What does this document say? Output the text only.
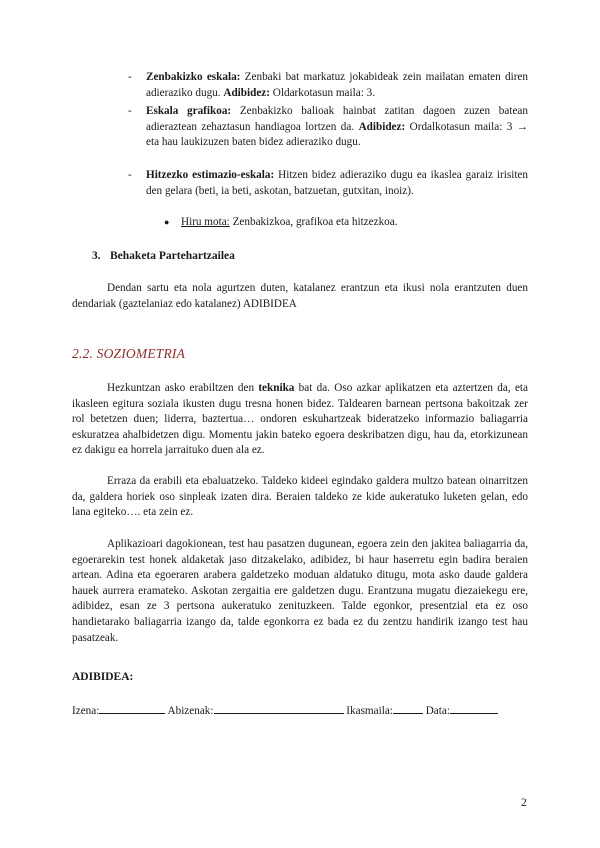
- Zenbakizko eskala: Zenbaki bat markatuz jokabideak zein mailatan ematen diren adieraziko dugu. Adibidez: Oldarkotasun maila: 3.

- Eskala grafikoa: Zenbakizko balioak hainbat zatitan dagoen zuzen batean adieraztean zehaztasun handiagoa lortzen da. Adibidez: Ordalkotasun maila: 3 → eta hau laukizuzen baten bidez adieraziko dugu.

- Hitzezko estimazio-eskala: Hitzen bidez adieraziko dugu ea ikaslea garaiz irisiten den gelara (beti, ia beti, askotan, batzuetan, gutxitan, inoiz).

● Hiru mota: Zenbakizkoa, grafikoa eta hitzezkoa.

3. Behaketa Partehartzailea

Dendan sartu eta nola agurtzen duten, katalanez erantzun eta ikusi nola erantzuten duen dendariak (gaztelaniaz edo katalanez) ADIBIDEA

2.2. SOZIOMETRIA

Hezkuntzan asko erabiltzen den teknika bat da. Oso azkar aplikatzen eta aztertzen da, eta ikasleen egitura soziala ikusten dugu tresna honen bidez. Taldearen barnean pertsona bakoitzak zer rol betetzen duen; liderra, baztertua… ondoren eskuhartzeak bideratzeko informazio baliagarria eskuratzea ahalbidetzen digu. Momentu jakin bateko egoera deskribatzen digu, hau da, etorkizunean ez dakigu ea horrela jarraituko duen ala ez.

Erraza da erabili eta ebaluatzeko. Taldeko kideei egindako galdera multzo batean oinarritzen da, galdera horiek oso sinpleak izaten dira. Beraien taldeko ze kide aukeratuko luketen gelan, edo lana egiteko…. eta zein ez.

Aplikazioari dagokionean, test hau pasatzen dugunean, egoera zein den jakitea baliagarria da, egoerarekin test honek aldaketak jaso ditzakelako, adibidez, bi haur haserretu egin badira beraien artean. Adina eta egoeraren arabera galdetzeko moduan aldatuko ditugu, mota asko daude galdera hauek aurrera eramateko. Askotan zergaitia ere galdetzen dugu. Erantzuna mugatu diezaiekegu ere, adibidez, esan ze 3 pertsona aukeratuko zenituzkeen. Talde egonkor, presentzial eta ez oso handietarako baliagarria izango da, talde egonkorra ez bada ez du zentzu handirik izango test hau pasatzeak.

ADIBIDEA:

Izena:	Abizenak:	Ikasmaila:	Data:

2
